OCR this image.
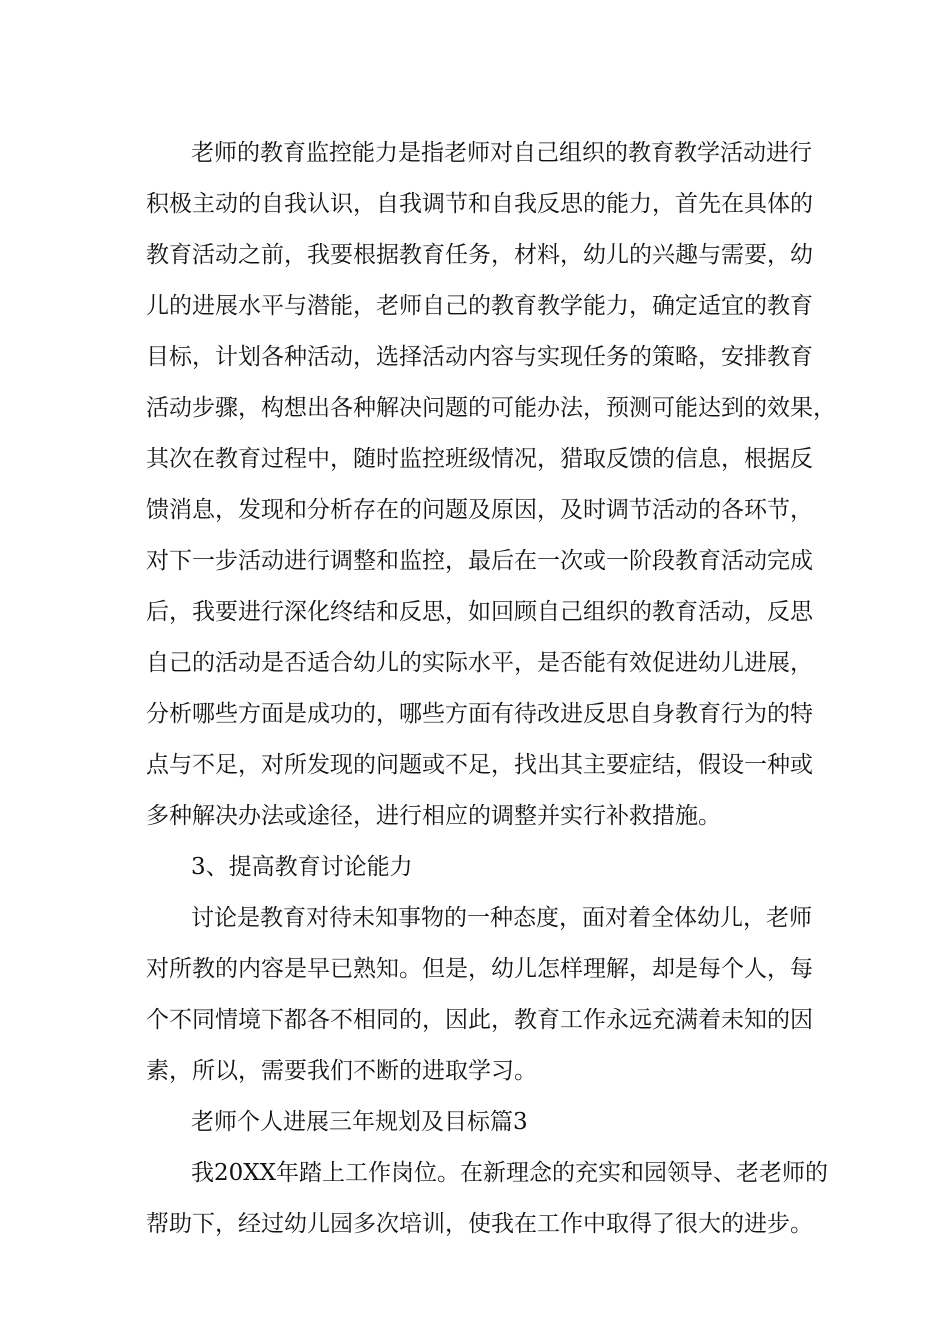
老师的教育监控能力是指老师对自己组织的教育教学活动进行
积极主动的自我认识，自我调节和自我反思的能力，首先在具体的
教育活动之前，我要根据教育任务，材料，幼儿的兴趣与需要，幼
儿的进展水平与潜能，老师自己的教育教学能力，确定适宜的教育
目标，计划各种活动，选择活动内容与实现任务的策略，安排教育
活动步骤，构想出各种解决问题的可能办法，预测可能达到的效果，
其次在教育过程中，随时监控班级情况，猎取反馈的信息，根据反
馈消息，发现和分析存在的问题及原因，及时调节活动的各环节，
对下一步活动进行调整和监控，最后在一次或一阶段教育活动完成
后，我要进行深化终结和反思，如回顾自己组织的教育活动，反思
自己的活动是否适合幼儿的实际水平，是否能有效促进幼儿进展，
分析哪些方面是成功的，哪些方面有待改进反思自身教育行为的特
点与不足，对所发现的问题或不足，找出其主要症结，假设一种或
多种解决办法或途径，进行相应的调整并实行补救措施。
3、提高教育讨论能力
讨论是教育对待未知事物的一种态度，面对着全体幼儿，老师
对所教的内容是早已熟知。但是，幼儿怎样理解，却是每个人，每
个不同情境下都各不相同的，因此，教育工作永远充满着未知的因
素，所以，需要我们不断的进取学习。
老师个人进展三年规划及目标篇3
我20XX年踏上工作岗位。在新理念的充实和园领导、老老师的
帮助下，经过幼儿园多次培训，使我在工作中取得了很大的进步。
